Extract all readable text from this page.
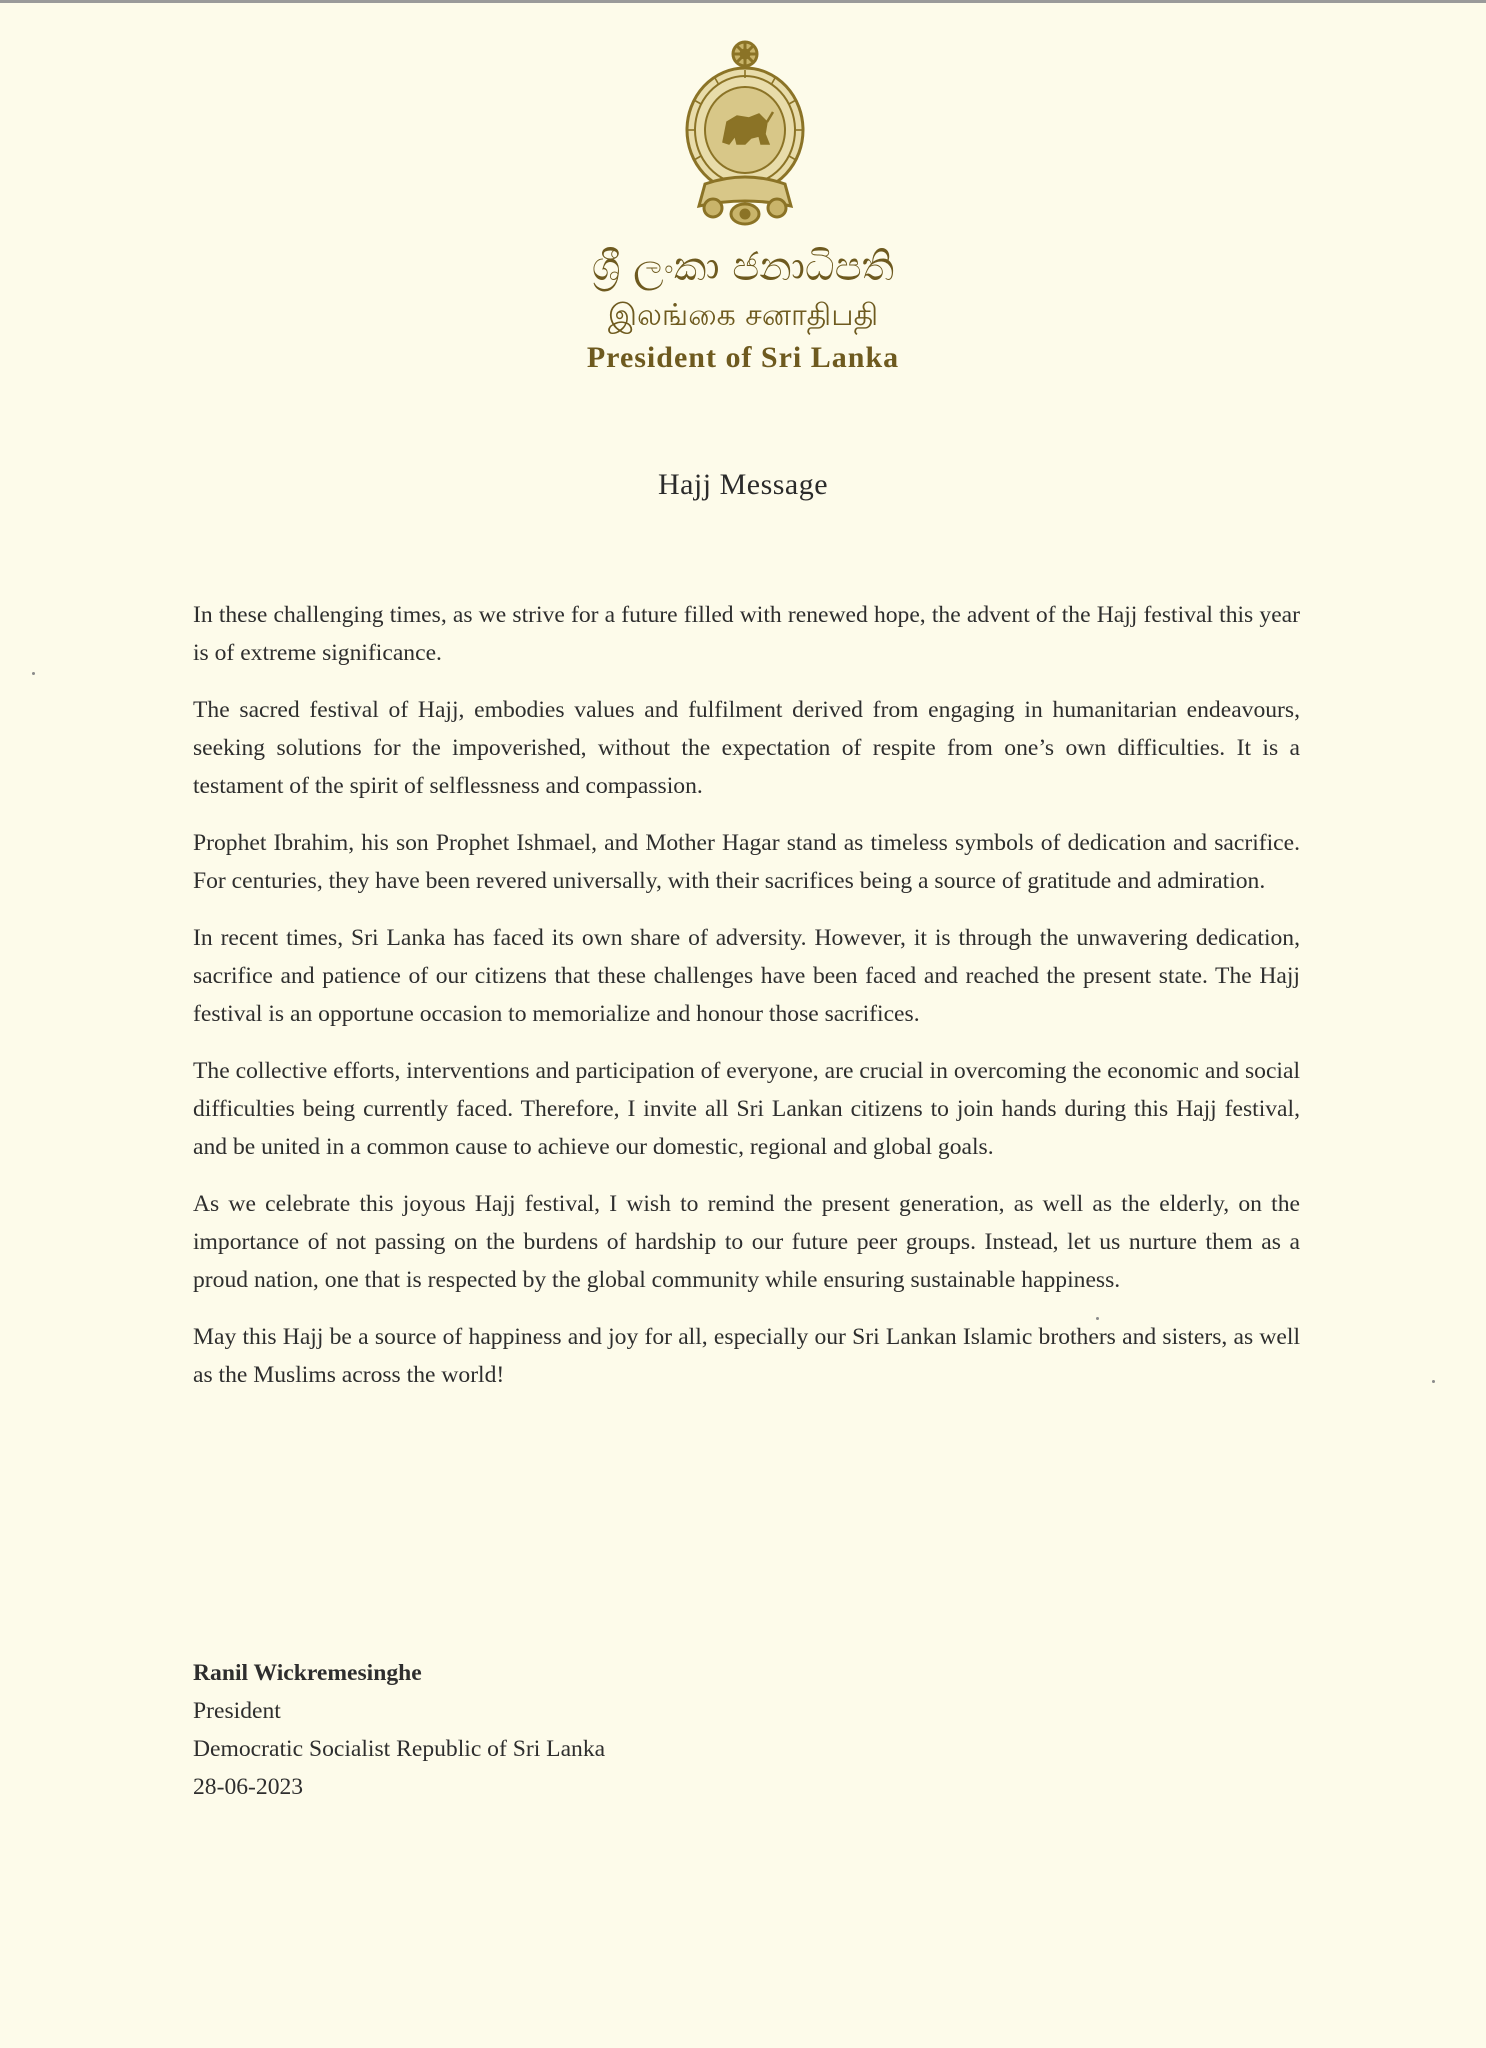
ශ්‍රී ලංකා ජනාධිපති
இலங்கை சனாதிபதி
President of Sri Lanka
Hajj Message

In these challenging times, as we strive for a future filled with renewed hope, the advent of the Hajj festival this year is of extreme significance.

The sacred festival of Hajj, embodies values and fulfilment derived from engaging in humanitarian endeavours, seeking solutions for the impoverished, without the expectation of respite from one’s own difficulties. It is a testament of the spirit of selflessness and compassion.

Prophet Ibrahim, his son Prophet Ishmael, and Mother Hagar stand as timeless symbols of dedication and sacrifice. For centuries, they have been revered universally, with their sacrifices being a source of gratitude and admiration.

In recent times, Sri Lanka has faced its own share of adversity. However, it is through the unwavering dedication, sacrifice and patience of our citizens that these challenges have been faced and reached the present state. The Hajj festival is an opportune occasion to memorialize and honour those sacrifices.

The collective efforts, interventions and participation of everyone, are crucial in overcoming the economic and social difficulties being currently faced. Therefore, I invite all Sri Lankan citizens to join hands during this Hajj festival, and be united in a common cause to achieve our domestic, regional and global goals.

As we celebrate this joyous Hajj festival, I wish to remind the present generation, as well as the elderly, on the importance of not passing on the burdens of hardship to our future peer groups. Instead, let us nurture them as a proud nation, one that is respected by the global community while ensuring sustainable happiness.

May this Hajj be a source of happiness and joy for all, especially our Sri Lankan Islamic brothers and sisters, as well as the Muslims across the world!

Ranil Wickremesinghe
President
Democratic Socialist Republic of Sri Lanka
28-06-2023
